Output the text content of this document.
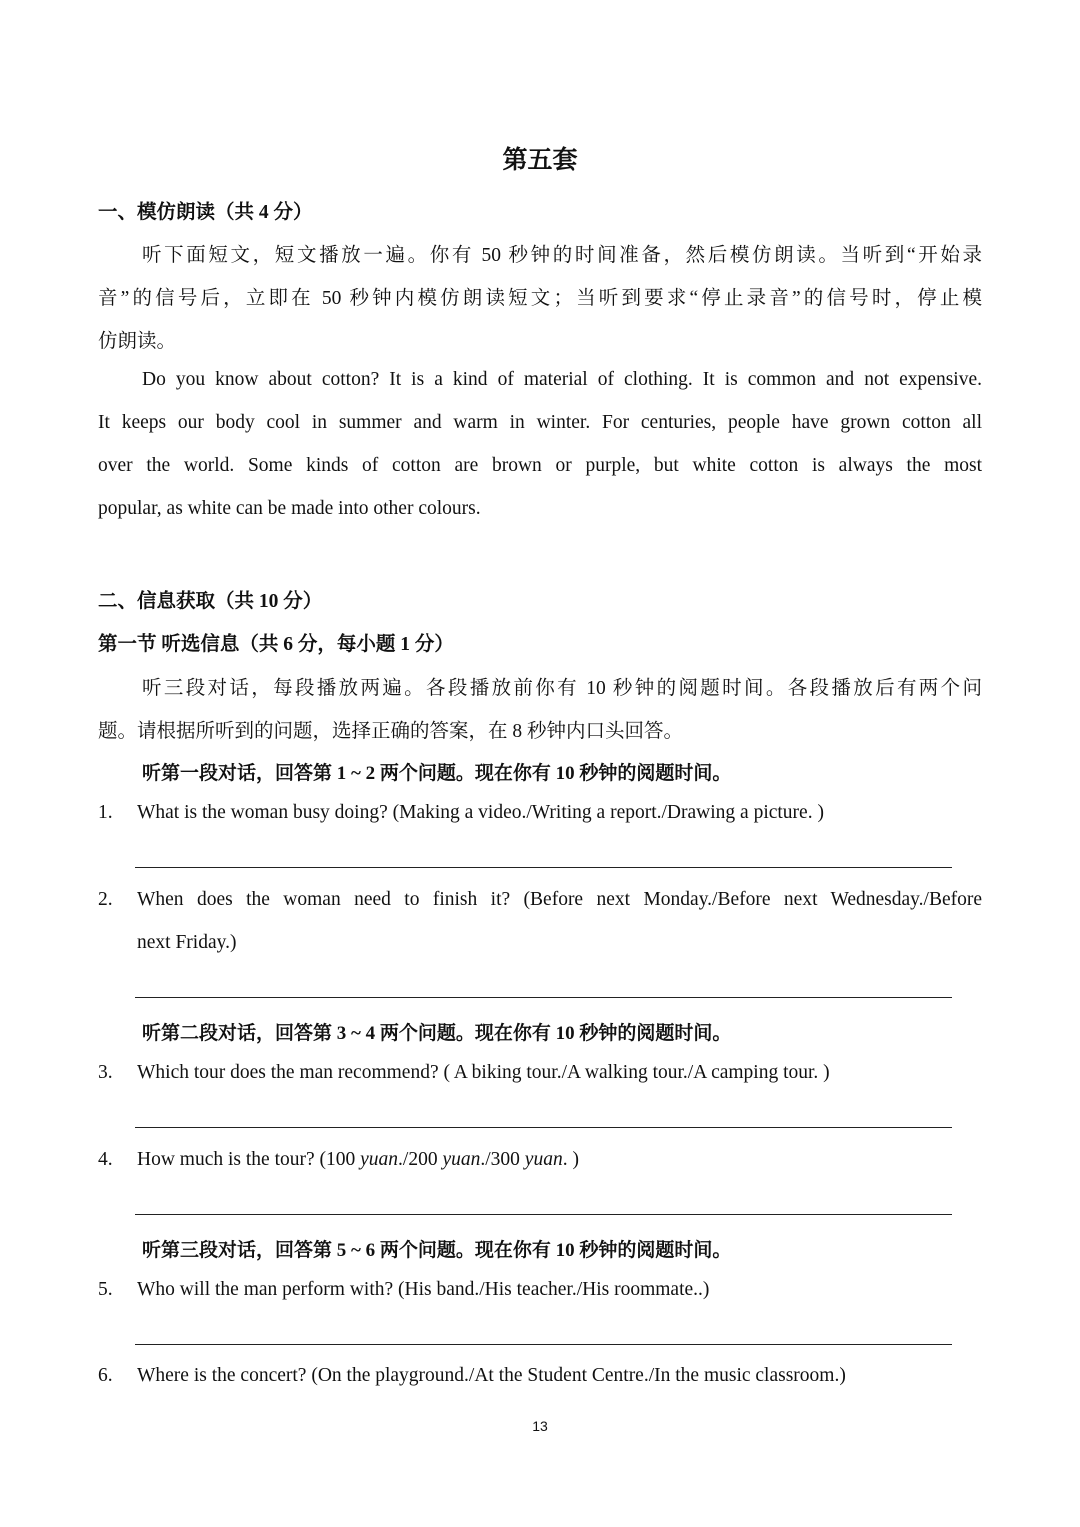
第五套
一、模仿朗读（共 4 分）
听下面短文，短文播放一遍。你有 50 秒钟的时间准备，然后模仿朗读。当听到“开始录
音”的信号后，立即在 50 秒钟内模仿朗读短文；当听到要求“停止录音”的信号时，停止模
仿朗读。
Do you know about cotton? It is a kind of material of clothing. It is common and not expensive.
It keeps our body cool in summer and warm in winter. For centuries, people have grown cotton all
over the world. Some kinds of cotton are brown or purple, but white cotton is always the most
popular, as white can be made into other colours.
二、信息获取（共 10 分）
第一节 听选信息（共 6 分，每小题 1 分）
听三段对话，每段播放两遍。各段播放前你有 10 秒钟的阅题时间。各段播放后有两个问
题。请根据所听到的问题，选择正确的答案，在 8 秒钟内口头回答。
听第一段对话，回答第 1 ~ 2 两个问题。现在你有 10 秒钟的阅题时间。
1. What is the woman busy doing? (Making a video./Writing a report./Drawing a picture. )
2. When does the woman need to finish it? (Before next Monday./Before next Wednesday./Before
next Friday.)
听第二段对话，回答第 3 ~ 4 两个问题。现在你有 10 秒钟的阅题时间。
3. Which tour does the man recommend? ( A biking tour./A walking tour./A camping tour. )
4. How much is the tour? (100 yuan./200 yuan./300 yuan. )
听第三段对话，回答第 5 ~ 6 两个问题。现在你有 10 秒钟的阅题时间。
5. Who will the man perform with? (His band./His teacher./His roommate..)
6. Where is the concert? (On the playground./At the Student Centre./In the music classroom.)
13
